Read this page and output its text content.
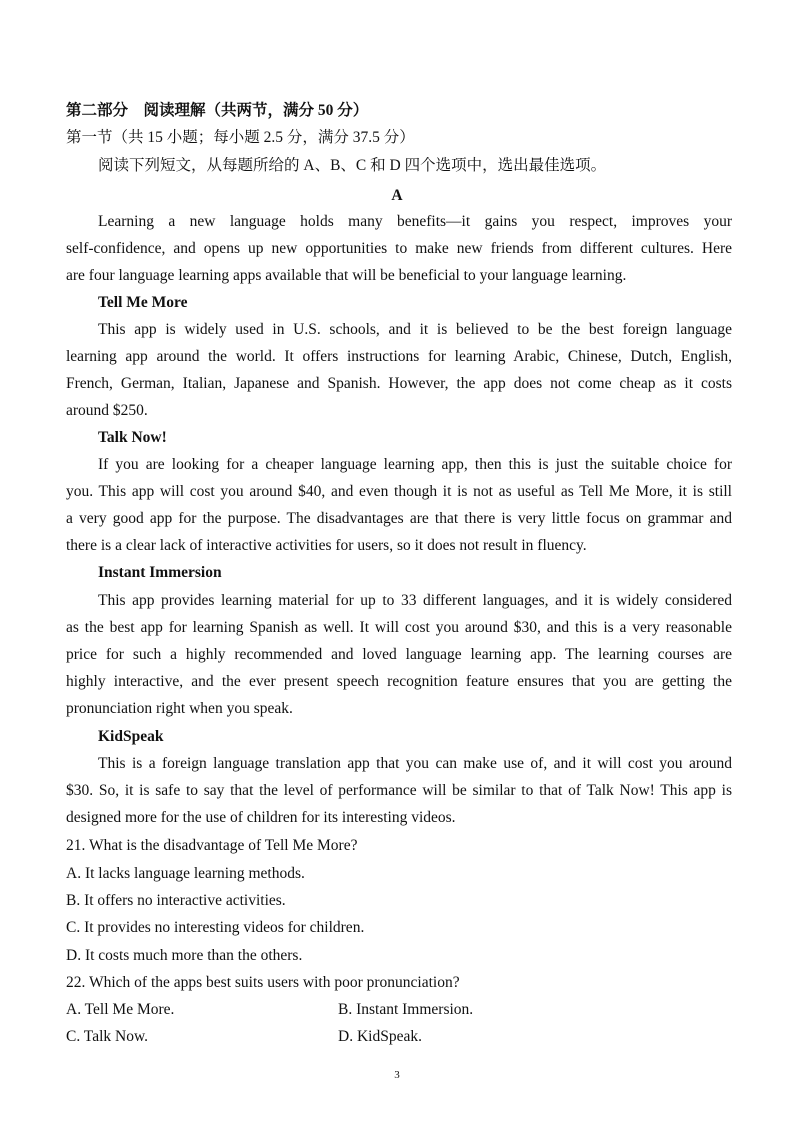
第二部分　阅读理解（共两节，满分 50 分）
第一节（共 15 小题；每小题 2.5 分，满分 37.5 分）
阅读下列短文，从每题所给的 A、B、C 和 D 四个选项中，选出最佳选项。
A
Learning a new language holds many benefits—it gains you respect, improves your
self-confidence, and opens up new opportunities to make new friends from different cultures. Here
are four language learning apps available that will be beneficial to your language learning.
Tell Me More
This app is widely used in U.S. schools, and it is believed to be the best foreign language
learning app around the world. It offers instructions for learning Arabic, Chinese, Dutch, English,
French, German, Italian, Japanese and Spanish. However, the app does not come cheap as it costs
around $250.
Talk Now!
If you are looking for a cheaper language learning app, then this is just the suitable choice for
you. This app will cost you around $40, and even though it is not as useful as Tell Me More, it is still
a very good app for the purpose. The disadvantages are that there is very little focus on grammar and
there is a clear lack of interactive activities for users, so it does not result in fluency.
Instant Immersion
This app provides learning material for up to 33 different languages, and it is widely considered
as the best app for learning Spanish as well. It will cost you around $30, and this is a very reasonable
price for such a highly recommended and loved language learning app. The learning courses are
highly interactive, and the ever present speech recognition feature ensures that you are getting the
pronunciation right when you speak.
KidSpeak
This is a foreign language translation app that you can make use of, and it will cost you around
$30. So, it is safe to say that the level of performance will be similar to that of Talk Now! This app is
designed more for the use of children for its interesting videos.
21. What is the disadvantage of Tell Me More?
A. It lacks language learning methods.
B. It offers no interactive activities.
C. It provides no interesting videos for children.
D. It costs much more than the others.
22. Which of the apps best suits users with poor pronunciation?
A. Tell Me More.	B. Instant Immersion.
C. Talk Now.	D. KidSpeak.
3
